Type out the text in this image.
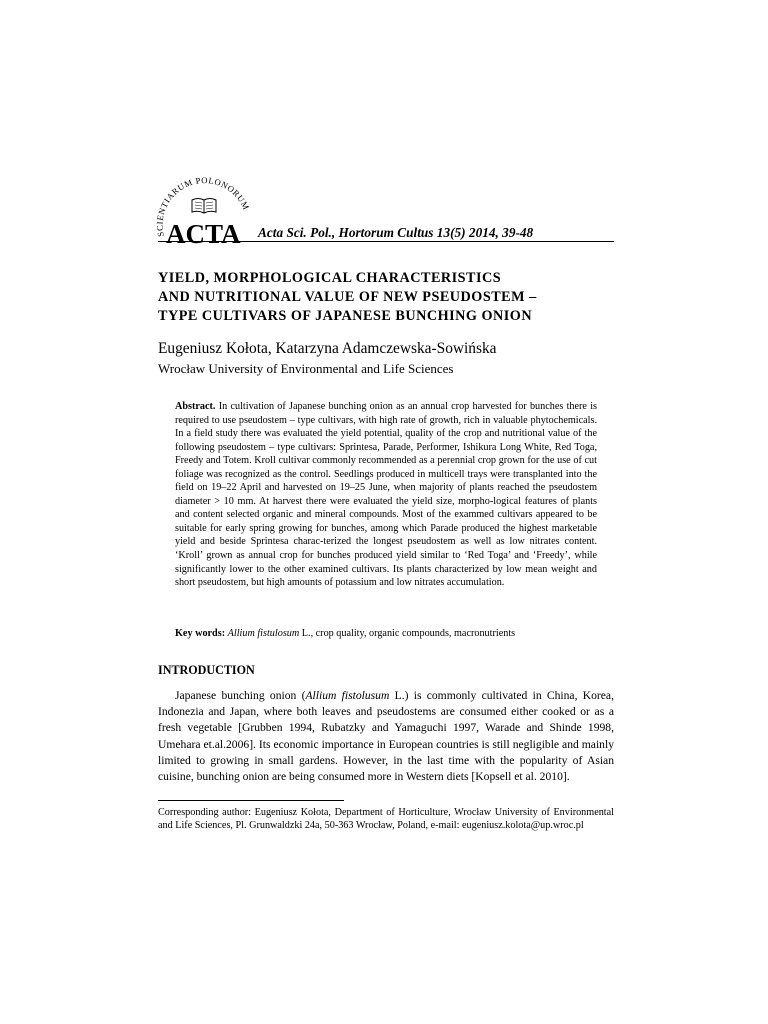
SCIENTIARUM POLONORUM
ACTA Acta Sci. Pol., Hortorum Cultus 13(5) 2014, 39-48
YIELD, MORPHOLOGICAL CHARACTERISTICS
AND NUTRITIONAL VALUE OF NEW PSEUDOSTEM –
TYPE CULTIVARS OF JAPANESE BUNCHING ONION
Eugeniusz Kołota, Katarzyna Adamczewska-Sowińska
Wrocław University of Environmental and Life Sciences

Abstract. In cultivation of Japanese bunching onion as an annual crop harvested for bunches there is required to use pseudostem – type cultivars, with high rate of growth, rich in valuable phytochemicals. In a field study there was evaluated the yield potential, quality of the crop and nutritional value of the following pseudostem – type cultivars: Sprintesa, Parade, Performer, Ishikura Long White, Red Toga, Freedy and Totem. Kroll cultivar commonly recommended as a perennial crop grown for the use of cut foliage was recognized as the control. Seedlings produced in multicell trays were transplanted into the field on 19–22 April and harvested on 19–25 June, when majority of plants reached the pseudostem diameter > 10 mm. At harvest there were evaluated the yield size, morpho-logical features of plants and content selected organic and mineral compounds. Most of the exammed cultivars appeared to be suitable for early spring growing for bunches, among which Parade produced the highest marketable yield and beside Sprintesa charac-terized the longest pseudostem as well as low nitrates content. ‘Kroll’ grown as annual crop for bunches produced yield similar to ‘Red Toga’ and ‘Freedy’, while significantly lower to the other examined cultivars. Its plants characterized by low mean weight and short pseudostem, but high amounts of potassium and low nitrates accumulation.

Key words: Allium fistulosum L., crop quality, organic compounds, macronutrients

INTRODUCTION

Japanese bunching onion (Allium fistolusum L.) is commonly cultivated in China, Korea, Indonezia and Japan, where both leaves and pseudostems are consumed either cooked or as a fresh vegetable [Grubben 1994, Rubatzky and Yamaguchi 1997, Warade and Shinde 1998, Umehara et.al.2006]. Its economic importance in European countries is still negligible and mainly limited to growing in small gardens. However, in the last time with the popularity of Asian cuisine, bunching onion are being consumed more in Western diets [Kopsell et al. 2010].

Corresponding author: Eugeniusz Kołota, Department of Horticulture, Wrocław University of Environmental and Life Sciences, Pl. Grunwaldzki 24a, 50-363 Wrocław, Poland, e-mail: eugeniusz.kolota@up.wroc.pl
